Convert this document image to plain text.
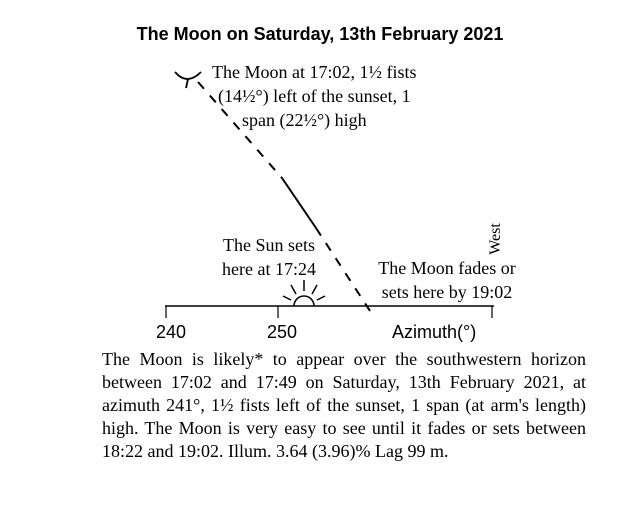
The Moon on Saturday, 13th February 2021
The Moon at 17:02, 1½ fists
(14½°) left of the sunset, 1
span (22½°) high
The Sun sets
here at 17:24	The Moon fades or
sets here by 19:02
West
240	250	Azimuth(°)
The Moon is likely* to appear over the southwestern horizon between 17:02 and 17:49 on Saturday, 13th February 2021, at azimuth 241°, 1½ fists left of the sunset, 1 span (at arm's length) high. The Moon is very easy to see until it fades or sets between 18:22 and 19:02. Illum. 3.64 (3.96)% Lag 99 m.
